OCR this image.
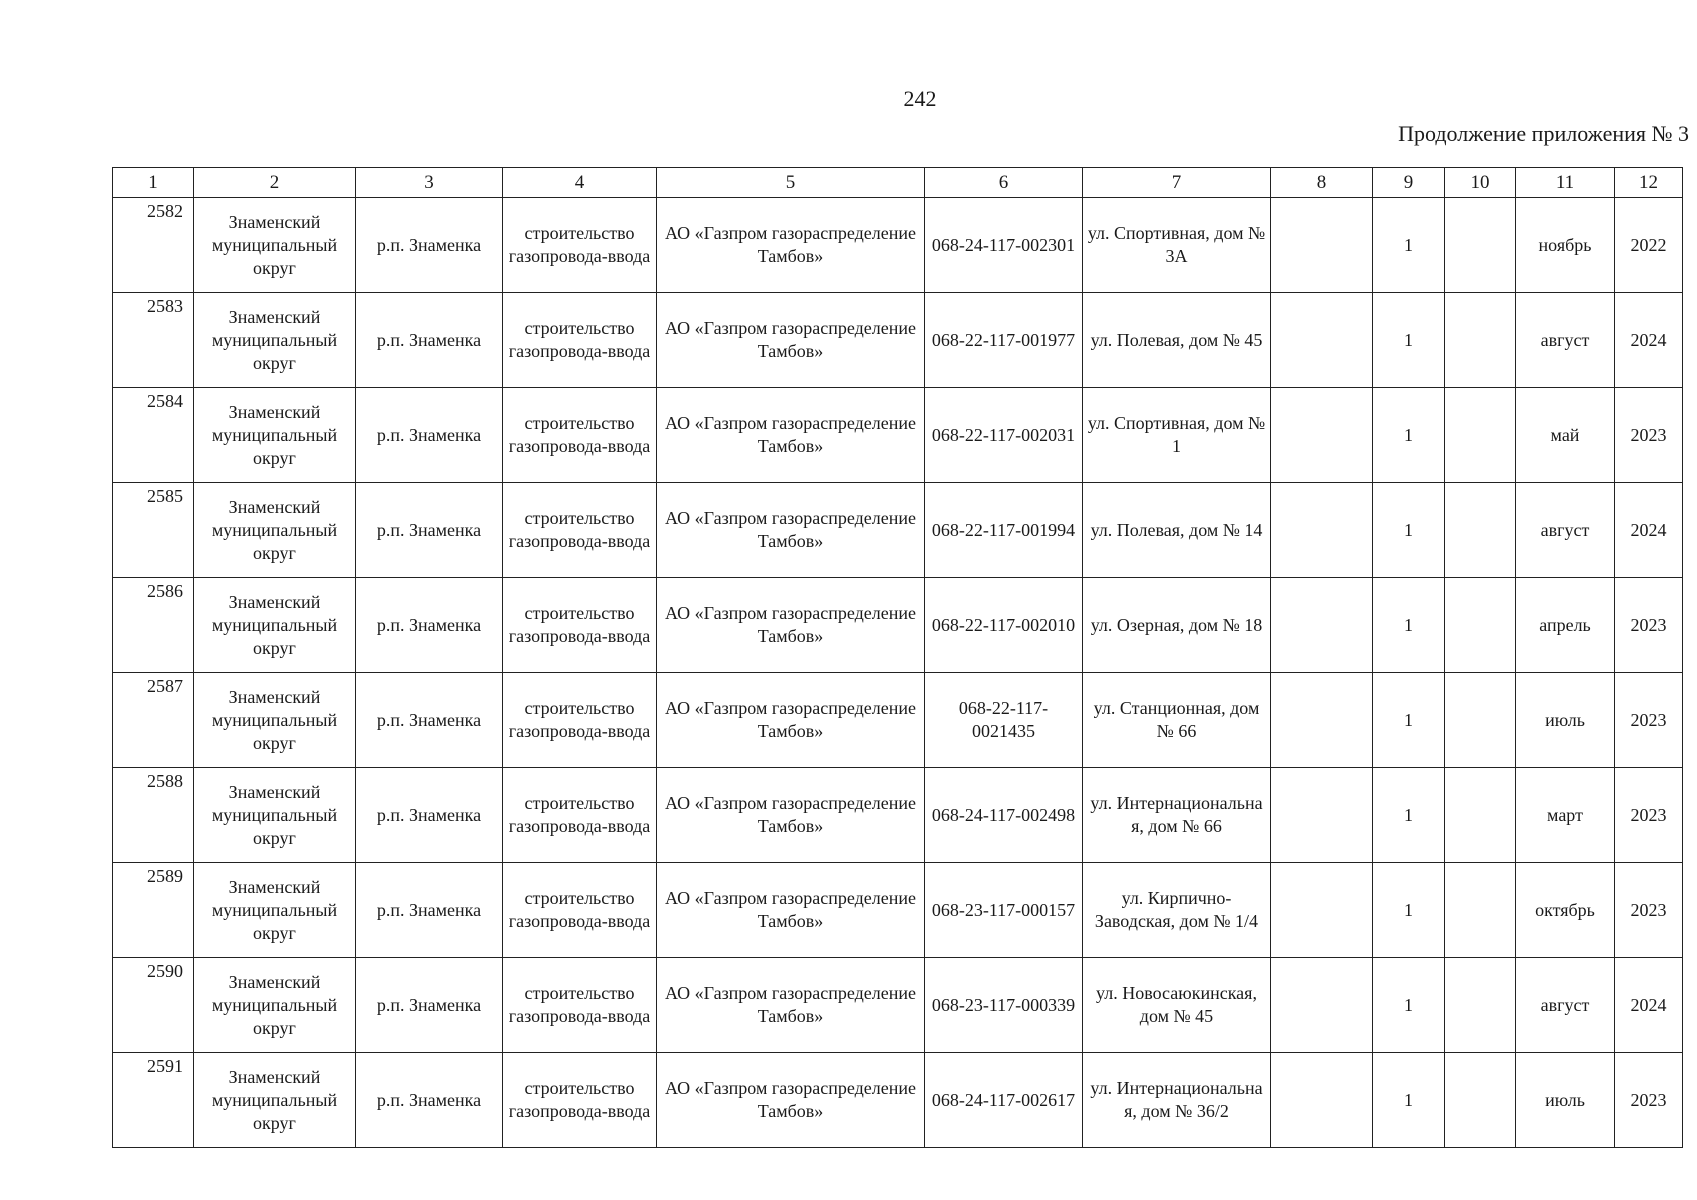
242
Продолжение приложения № 3
1	2	3	4	5	6	7	8	9	10	11	12
2582	Знаменский муниципальный округ	р.п. Знаменка	строительство газопровода-ввода	АО «Газпром газораспределение Тамбов»	068-24-117-002301	ул. Спортивная, дом № 3А		1		ноябрь	2022
2583	Знаменский муниципальный округ	р.п. Знаменка	строительство газопровода-ввода	АО «Газпром газораспределение Тамбов»	068-22-117-001977	ул. Полевая, дом № 45		1		август	2024
2584	Знаменский муниципальный округ	р.п. Знаменка	строительство газопровода-ввода	АО «Газпром газораспределение Тамбов»	068-22-117-002031	ул. Спортивная, дом № 1		1		май	2023
2585	Знаменский муниципальный округ	р.п. Знаменка	строительство газопровода-ввода	АО «Газпром газораспределение Тамбов»	068-22-117-001994	ул. Полевая, дом № 14		1		август	2024
2586	Знаменский муниципальный округ	р.п. Знаменка	строительство газопровода-ввода	АО «Газпром газораспределение Тамбов»	068-22-117-002010	ул. Озерная, дом № 18		1		апрель	2023
2587	Знаменский муниципальный округ	р.п. Знаменка	строительство газопровода-ввода	АО «Газпром газораспределение Тамбов»	068-22-117-0021435	ул. Станционная, дом № 66		1		июль	2023
2588	Знаменский муниципальный округ	р.п. Знаменка	строительство газопровода-ввода	АО «Газпром газораспределение Тамбов»	068-24-117-002498	ул. Интернациональна я, дом № 66		1		март	2023
2589	Знаменский муниципальный округ	р.п. Знаменка	строительство газопровода-ввода	АО «Газпром газораспределение Тамбов»	068-23-117-000157	ул. Кирпично-Заводская, дом № 1/4		1		октябрь	2023
2590	Знаменский муниципальный округ	р.п. Знаменка	строительство газопровода-ввода	АО «Газпром газораспределение Тамбов»	068-23-117-000339	ул. Новосаюкинская, дом № 45		1		август	2024
2591	Знаменский муниципальный округ	р.п. Знаменка	строительство газопровода-ввода	АО «Газпром газораспределение Тамбов»	068-24-117-002617	ул. Интернациональна я, дом № 36/2		1		июль	2023
